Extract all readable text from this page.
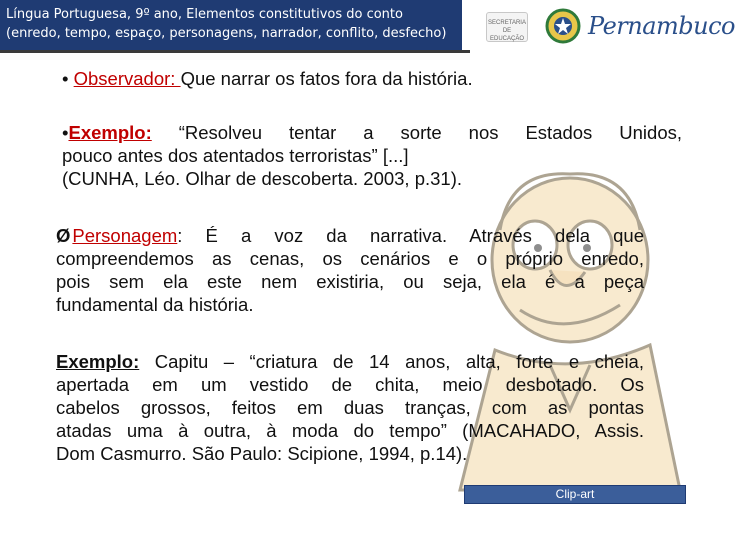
Língua Portuguesa, 9º ano, Elementos constitutivos do conto
(enredo, tempo, espaço, personagens, narrador, conflito, desfecho)
SECRETARIA DE EDUCAÇÃO	Pernambuco
• Observador: Que narrar os fatos fora da história.
•Exemplo: “Resolveu tentar a sorte nos Estados Unidos,
pouco antes dos atentados terroristas” [...]
(CUNHA, Léo. Olhar de descoberta. 2003, p.31).
Ø Personagem: É a voz da narrativa. Através dela que
compreendemos as cenas, os cenários e o próprio enredo,
pois sem ela este nem existiria, ou seja, ela é a peça
fundamental da história.
Exemplo: Capitu – “criatura de 14 anos, alta, forte e cheia,
apertada em um vestido de chita, meio desbotado. Os
cabelos grossos, feitos em duas tranças, com as pontas
atadas uma à outra, à moda do tempo” (MACAHADO, Assis.
Dom Casmurro. São Paulo: Scipione, 1994, p.14).
Clip-art
